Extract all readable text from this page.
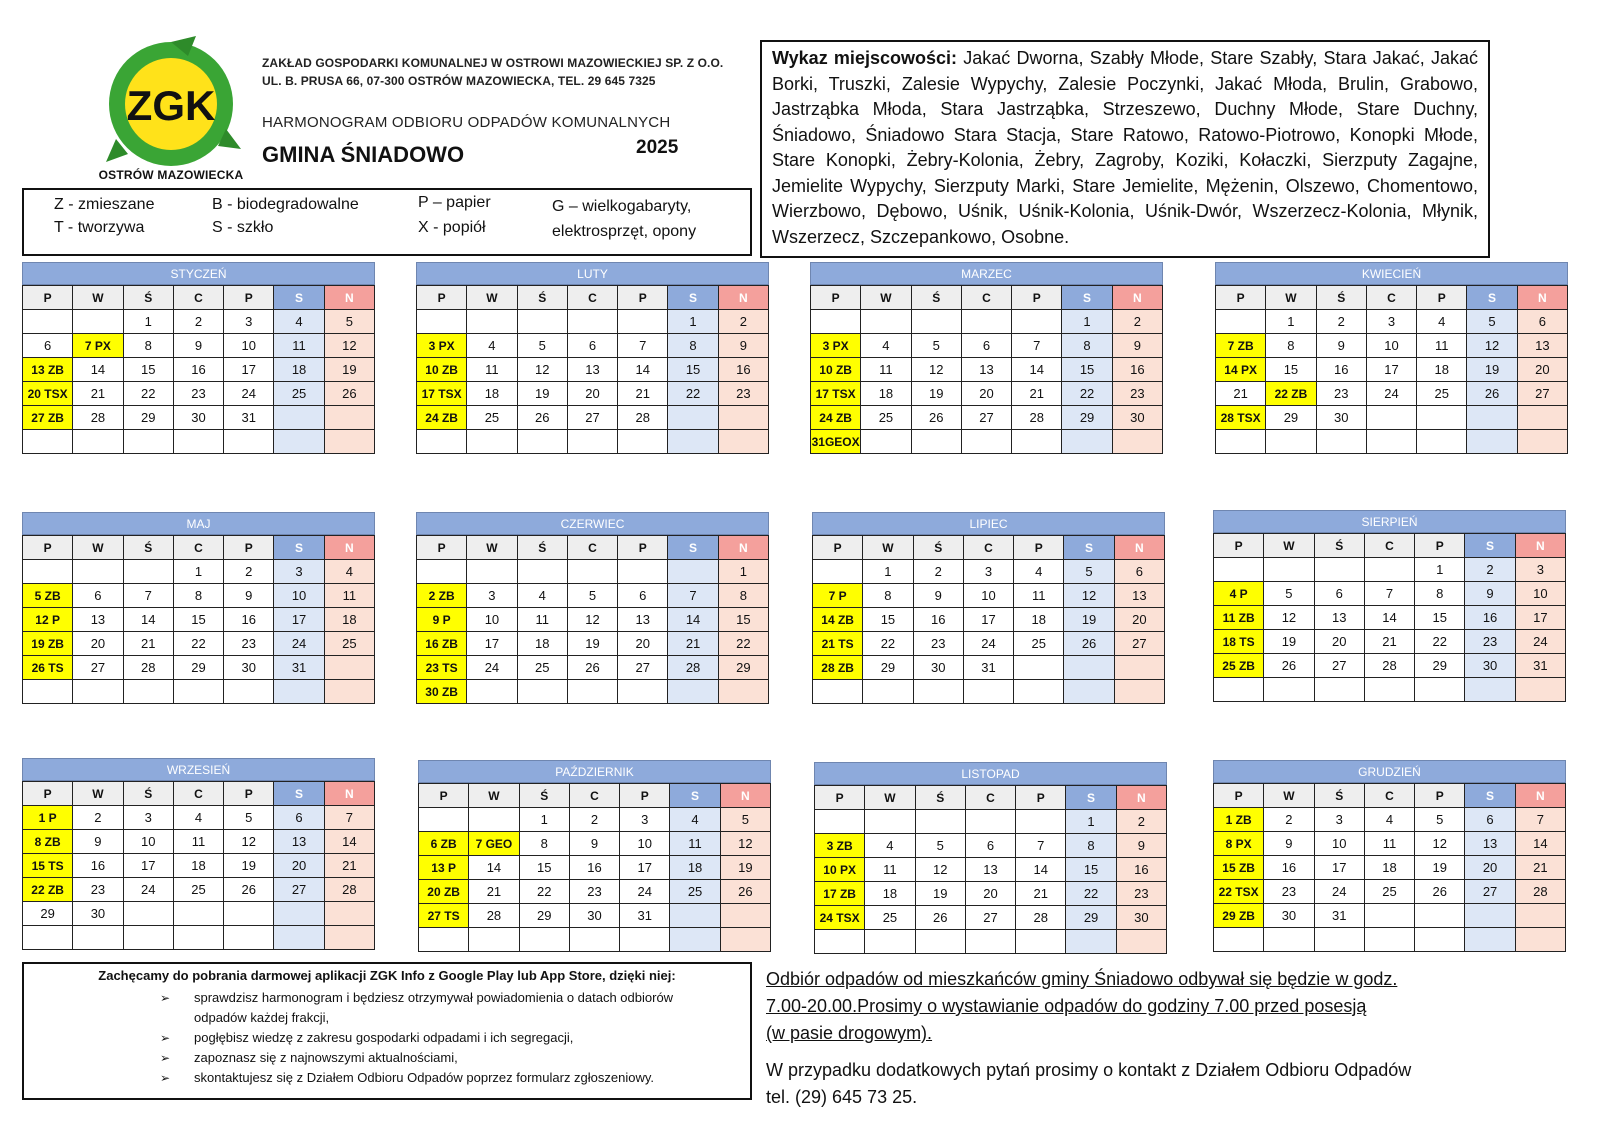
ZGK
OSTRÓW MAZOWIECKA
ZAKŁAD GOSPODARKI KOMUNALNEJ W OSTROWI MAZOWIECKIEJ SP. Z O.O.
UL. B. PRUSA 66, 07-300 OSTRÓW MAZOWIECKA, TEL. 29 645 7325
HARMONOGRAM ODBIORU ODPADÓW KOMUNALNYCH
GMINA ŚNIADOWO	2025
Z - zmieszane
T - tworzywa
B - biodegradowalne
S - szkło
P – papier
X - popiół
G – wielkogabaryty,
elektrosprzęt, opony
Wykaz miejscowości: Jakać Dworna, Szabły Młode, Stare Szabły, Stara Jakać, Jakać Borki, Truszki, Zalesie Wypychy, Zalesie Poczynki, Jakać Młoda, Brulin, Grabowo, Jastrząbka Młoda, Stara Jastrząbka, Strzeszewo, Duchny Młode, Stare Duchny, Śniadowo, Śniadowo Stara Stacja, Stare Ratowo, Ratowo-Piotrowo, Konopki Młode, Stare Konopki, Żebry-Kolonia, Żebry, Zagroby, Koziki, Kołaczki, Sierzputy Zagajne, Jemielite Wypychy, Sierzputy Marki, Stare Jemielite, Mężenin, Olszewo, Chomentowo, Wierzbowo, Dębowo, Uśnik, Uśnik-Kolonia, Uśnik-Dwór, Wszerzecz-Kolonia, Młynik, Wszerzecz, Szczepankowo, Osobne.
STYCZEŃ
P	W	Ś	C	P	S	N
		1	2	3	4	5
6	7 PX	8	9	10	11	12
13 ZB	14	15	16	17	18	19
20 TSX	21	22	23	24	25	26
27 ZB	28	29	30	31		

LUTY
P	W	Ś	C	P	S	N
					1	2
3 PX	4	5	6	7	8	9
10 ZB	11	12	13	14	15	16
17 TSX	18	19	20	21	22	23
24 ZB	25	26	27	28		

MARZEC
P	W	Ś	C	P	S	N
					1	2
3 PX	4	5	6	7	8	9
10 ZB	11	12	13	14	15	16
17 TSX	18	19	20	21	22	23
24 ZB	25	26	27	28	29	30
31GEOX						
KWIECIEŃ
P	W	Ś	C	P	S	N
	1	2	3	4	5	6
7 ZB	8	9	10	11	12	13
14 PX	15	16	17	18	19	20
21	22 ZB	23	24	25	26	27
28 TSX	29	30				

MAJ
P	W	Ś	C	P	S	N
			1	2	3	4
5 ZB	6	7	8	9	10	11
12 P	13	14	15	16	17	18
19 ZB	20	21	22	23	24	25
26 TS	27	28	29	30	31	

CZERWIEC
P	W	Ś	C	P	S	N
						1
2 ZB	3	4	5	6	7	8
9 P	10	11	12	13	14	15
16 ZB	17	18	19	20	21	22
23 TS	24	25	26	27	28	29
30 ZB						
LIPIEC
P	W	Ś	C	P	S	N
	1	2	3	4	5	6
7 P	8	9	10	11	12	13
14 ZB	15	16	17	18	19	20
21 TS	22	23	24	25	26	27
28 ZB	29	30	31			

SIERPIEŃ
P	W	Ś	C	P	S	N
				1	2	3
4 P	5	6	7	8	9	10
11 ZB	12	13	14	15	16	17
18 TS	19	20	21	22	23	24
25 ZB	26	27	28	29	30	31

WRZESIEŃ
P	W	Ś	C	P	S	N
1 P	2	3	4	5	6	7
8 ZB	9	10	11	12	13	14
15 TS	16	17	18	19	20	21
22 ZB	23	24	25	26	27	28
29	30					

PAŹDZIERNIK
P	W	Ś	C	P	S	N
		1	2	3	4	5
6 ZB	7 GEO	8	9	10	11	12
13 P	14	15	16	17	18	19
20 ZB	21	22	23	24	25	26
27 TS	28	29	30	31		

LISTOPAD
P	W	Ś	C	P	S	N
					1	2
3 ZB	4	5	6	7	8	9
10 PX	11	12	13	14	15	16
17 ZB	18	19	20	21	22	23
24 TSX	25	26	27	28	29	30

GRUDZIEŃ
P	W	Ś	C	P	S	N
1 ZB	2	3	4	5	6	7
8 PX	9	10	11	12	13	14
15 ZB	16	17	18	19	20	21
22 TSX	23	24	25	26	27	28
29 ZB	30	31				

Zachęcamy do pobrania darmowej aplikacji ZGK Info z Google Play lub App Store, dzięki niej:
➢ sprawdzisz harmonogram i będziesz otrzymywał powiadomienia o datach odbiorów
odpadów każdej frakcji,
➢ pogłębisz wiedzę z zakresu gospodarki odpadami i ich segregacji,
➢ zapoznasz się z najnowszymi aktualnościami,
➢ skontaktujesz się z Działem Odbioru Odpadów poprzez formularz zgłoszeniowy.
Odbiór odpadów od mieszkańców gminy Śniadowo odbywał się będzie w godz.
7.00-20.00.Prosimy o wystawianie odpadów do godziny 7.00 przed posesją
(w pasie drogowym).
W przypadku dodatkowych pytań prosimy o kontakt z Działem Odbioru Odpadów
tel. (29) 645 73 25.
